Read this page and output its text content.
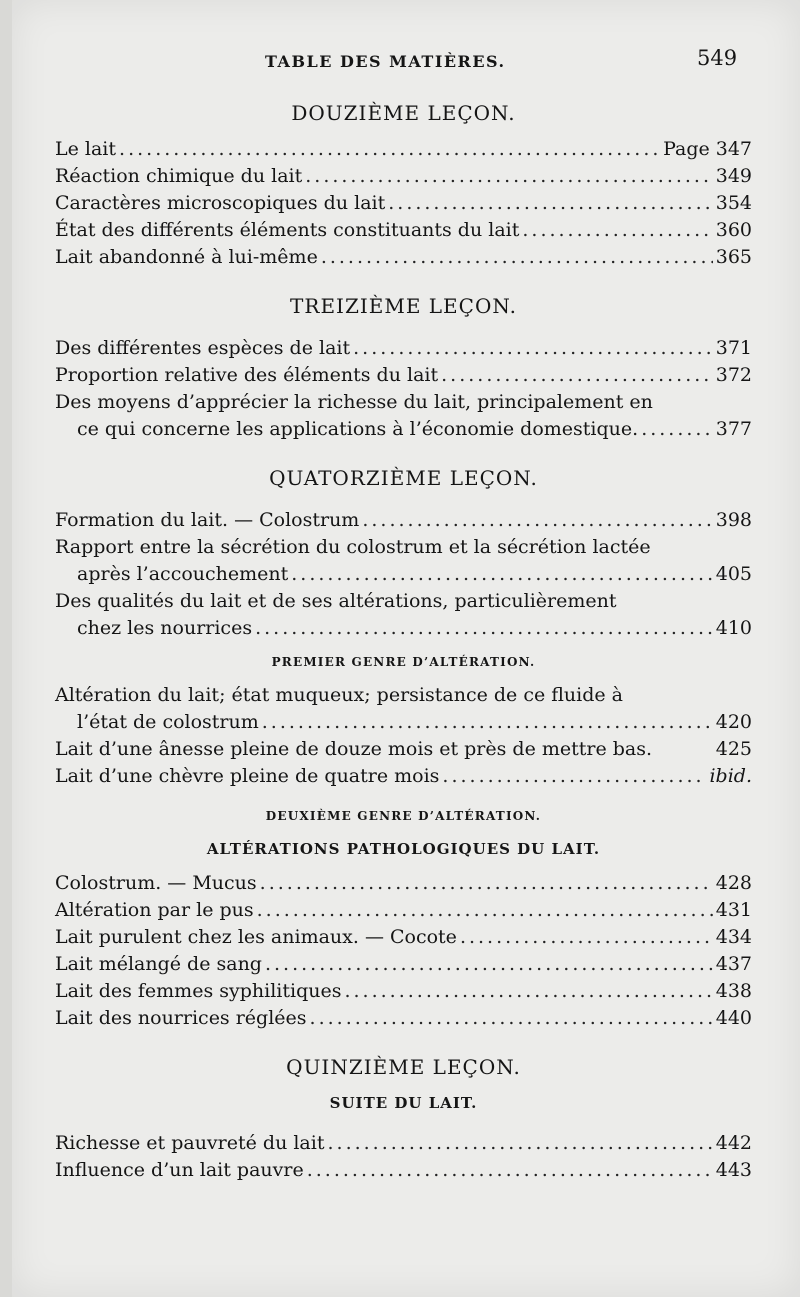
TABLE DES MATIÈRES.	549

DOUZIÈME LEÇON.

Le lait .....	Page 347
Réaction chimique du lait .....	349
Caractères microscopiques du lait .....	354
État des différents éléments constituants du lait .....	360
Lait abandonné à lui-même .....	365

TREIZIÈME LEÇON.

Des différentes espèces de lait .....	371
Proportion relative des éléments du lait .....	372
Des moyens d’apprécier la richesse du lait, principalement en
ce qui concerne les applications à l’économie domestique. .....	377

QUATORZIÈME LEÇON.

Formation du lait. — Colostrum .....	398
Rapport entre la sécrétion du colostrum et la sécrétion lactée
après l’accouchement .....	405
Des qualités du lait et de ses altérations, particulièrement
chez les nourrices .....	410

PREMIER GENRE D’ALTÉRATION.

Altération du lait; état muqueux; persistance de ce fluide à
l’état de colostrum .....	420
Lait d’une ânesse pleine de douze mois et près de mettre bas.	425
Lait d’une chèvre pleine de quatre mois .....	ibid.

DEUXIÈME GENRE D’ALTÉRATION.

ALTÉRATIONS PATHOLOGIQUES DU LAIT.

Colostrum. — Mucus .....	428
Altération par le pus .....	431
Lait purulent chez les animaux. — Cocote .....	434
Lait mélangé de sang .....	437
Lait des femmes syphilitiques .....	438
Lait des nourrices réglées .....	440

QUINZIÈME LEÇON.

SUITE DU LAIT.

Richesse et pauvreté du lait .....	442
Influence d’un lait pauvre .....	443
